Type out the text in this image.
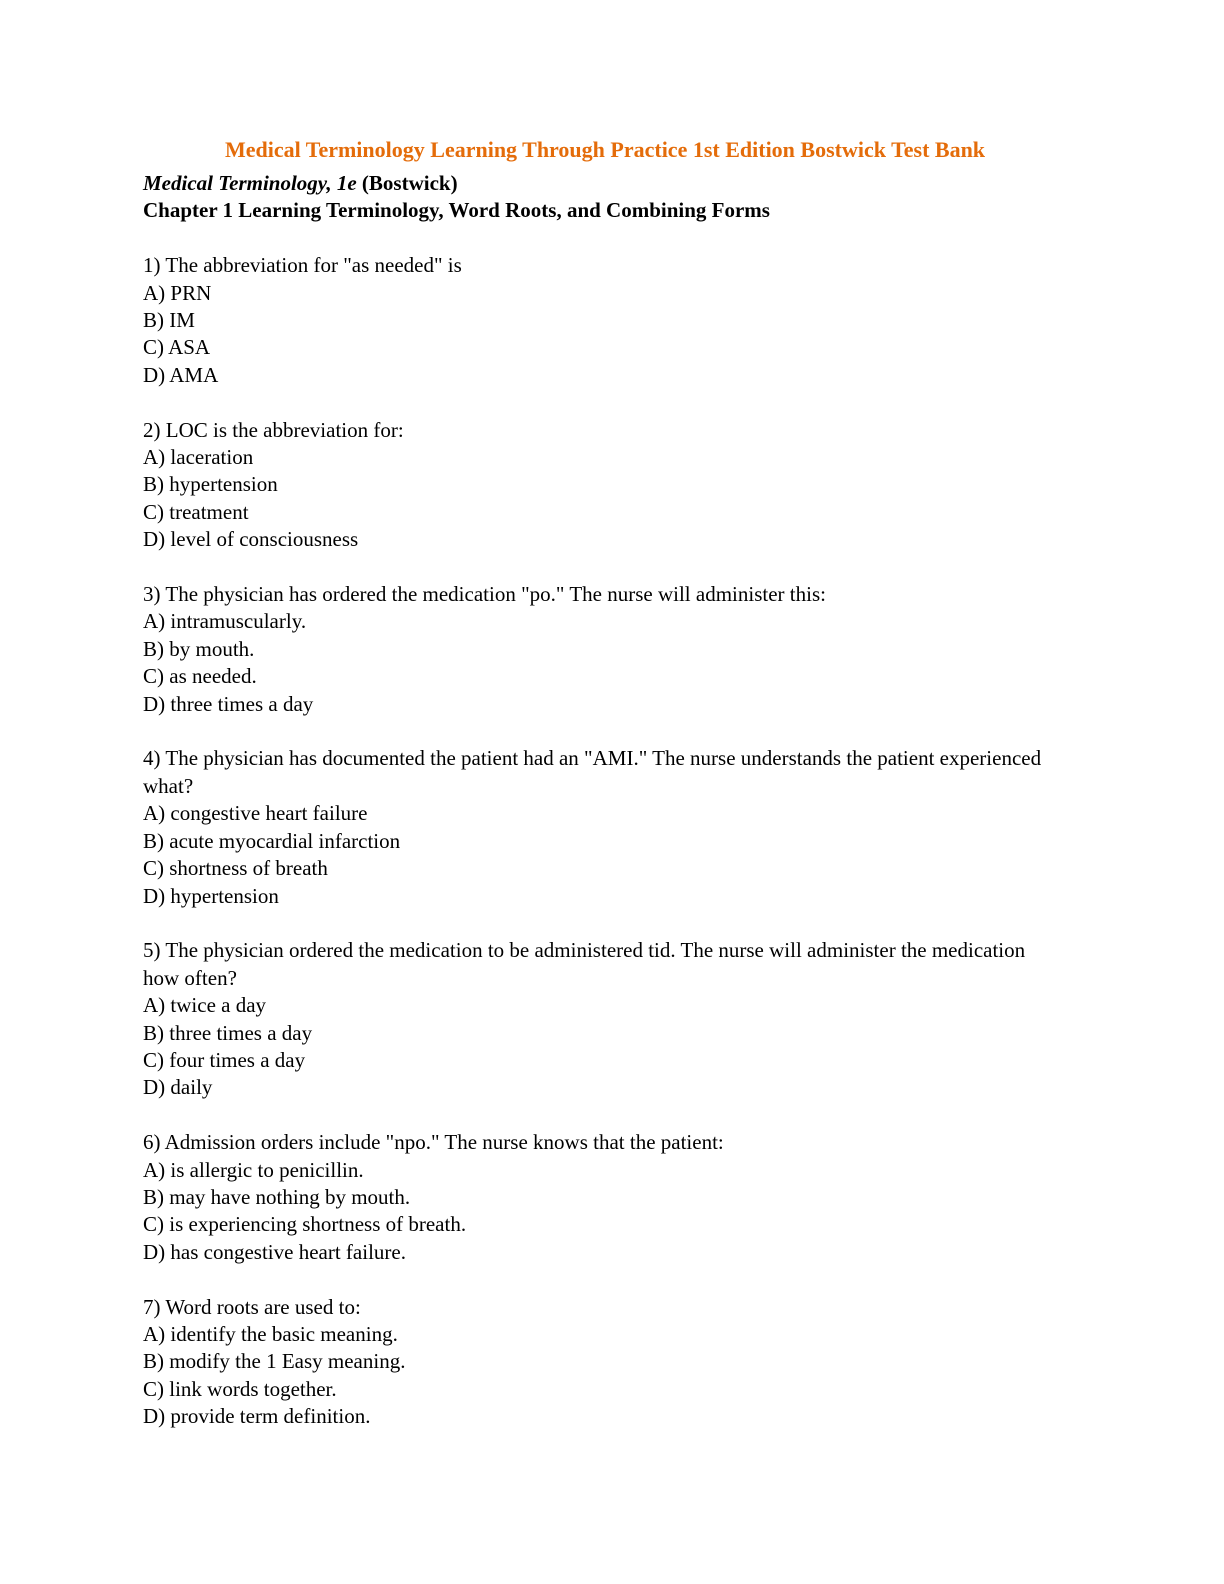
Medical Terminology Learning Through Practice 1st Edition Bostwick Test Bank
Medical Terminology, 1e (Bostwick)
Chapter 1 Learning Terminology, Word Roots, and Combining Forms
1) The abbreviation for "as needed" is
A) PRN
B) IM
C) ASA
D) AMA
2) LOC is the abbreviation for:
A) laceration
B) hypertension
C) treatment
D) level of consciousness
3) The physician has ordered the medication "po." The nurse will administer this:
A) intramuscularly.
B) by mouth.
C) as needed.
D) three times a day
4) The physician has documented the patient had an "AMI." The nurse understands the patient experienced what?
A) congestive heart failure
B) acute myocardial infarction
C) shortness of breath
D) hypertension
5) The physician ordered the medication to be administered tid. The nurse will administer the medication how often?
A) twice a day
B) three times a day
C) four times a day
D) daily
6) Admission orders include "npo." The nurse knows that the patient:
A) is allergic to penicillin.
B) may have nothing by mouth.
C) is experiencing shortness of breath.
D) has congestive heart failure.
7) Word roots are used to:
A) identify the basic meaning.
B) modify the 1 Easy meaning.
C) link words together.
D) provide term definition.
